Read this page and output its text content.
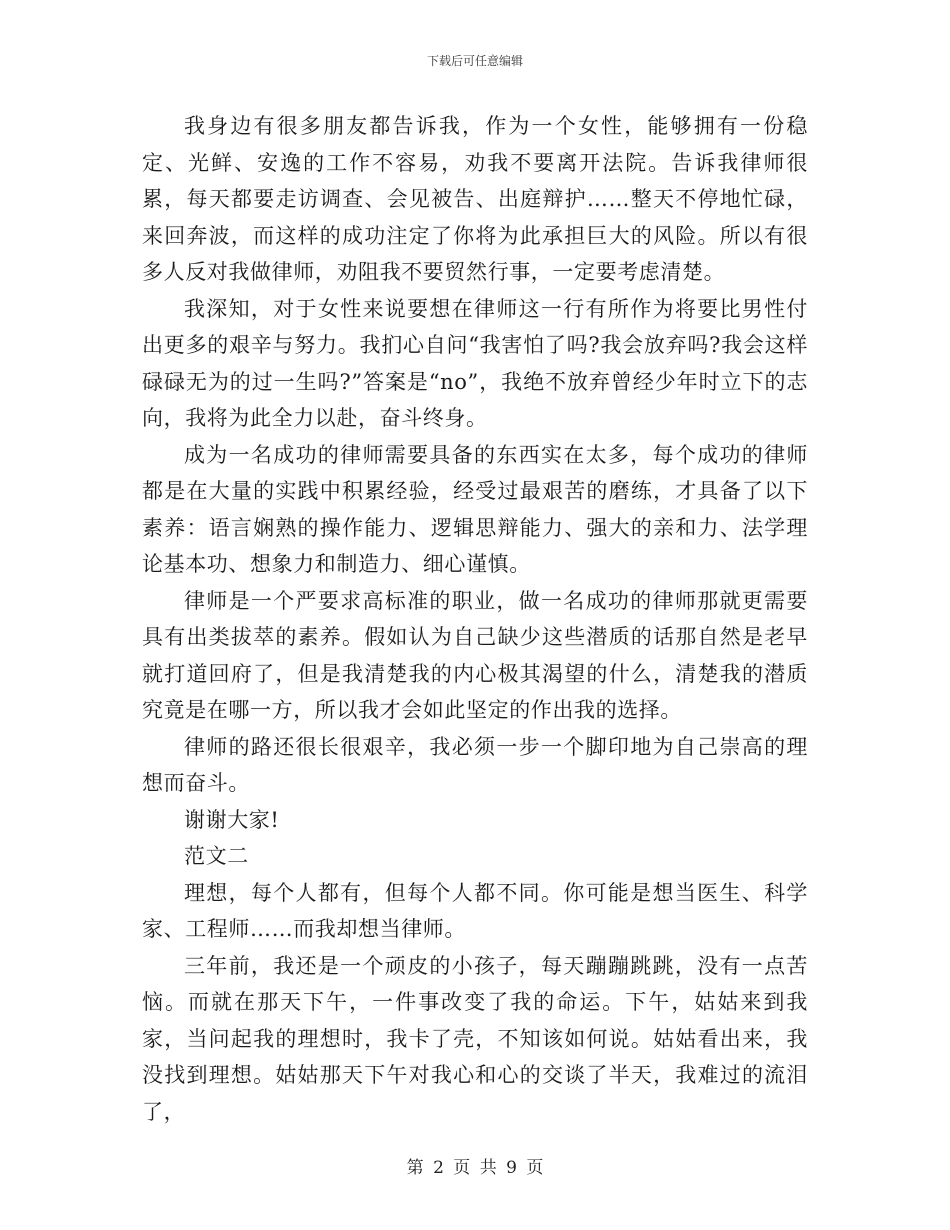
下载后可任意编辑

我身边有很多朋友都告诉我，作为一个女性，能够拥有一份稳定、光鲜、安逸的工作不容易，劝我不要离开法院。告诉我律师很累，每天都要走访调查、会见被告、出庭辩护……整天不停地忙碌，来回奔波，而这样的成功注定了你将为此承担巨大的风险。所以有很多人反对我做律师，劝阻我不要贸然行事，一定要考虑清楚。

我深知，对于女性来说要想在律师这一行有所作为将要比男性付出更多的艰辛与努力。我扪心自问“我害怕了吗?我会放弃吗?我会这样碌碌无为的过一生吗?”答案是“no”，我绝不放弃曾经少年时立下的志向，我将为此全力以赴，奋斗终身。

成为一名成功的律师需要具备的东西实在太多，每个成功的律师都是在大量的实践中积累经验，经受过最艰苦的磨练，才具备了以下素养：语言娴熟的操作能力、逻辑思辩能力、强大的亲和力、法学理论基本功、想象力和制造力、细心谨慎。

律师是一个严要求高标准的职业，做一名成功的律师那就更需要具有出类拔萃的素养。假如认为自己缺少这些潜质的话那自然是老早就打道回府了，但是我清楚我的内心极其渴望的什么，清楚我的潜质究竟是在哪一方，所以我才会如此坚定的作出我的选择。

律师的路还很长很艰辛，我必须一步一个脚印地为自己崇高的理想而奋斗。

谢谢大家!

范文二

理想，每个人都有，但每个人都不同。你可能是想当医生、科学家、工程师……而我却想当律师。

三年前，我还是一个顽皮的小孩子，每天蹦蹦跳跳，没有一点苦恼。而就在那天下午，一件事改变了我的命运。下午，姑姑来到我家，当问起我的理想时，我卡了壳，不知该如何说。姑姑看出来，我没找到理想。姑姑那天下午对我心和心的交谈了半天，我难过的流泪了，

第 2 页 共 9 页
